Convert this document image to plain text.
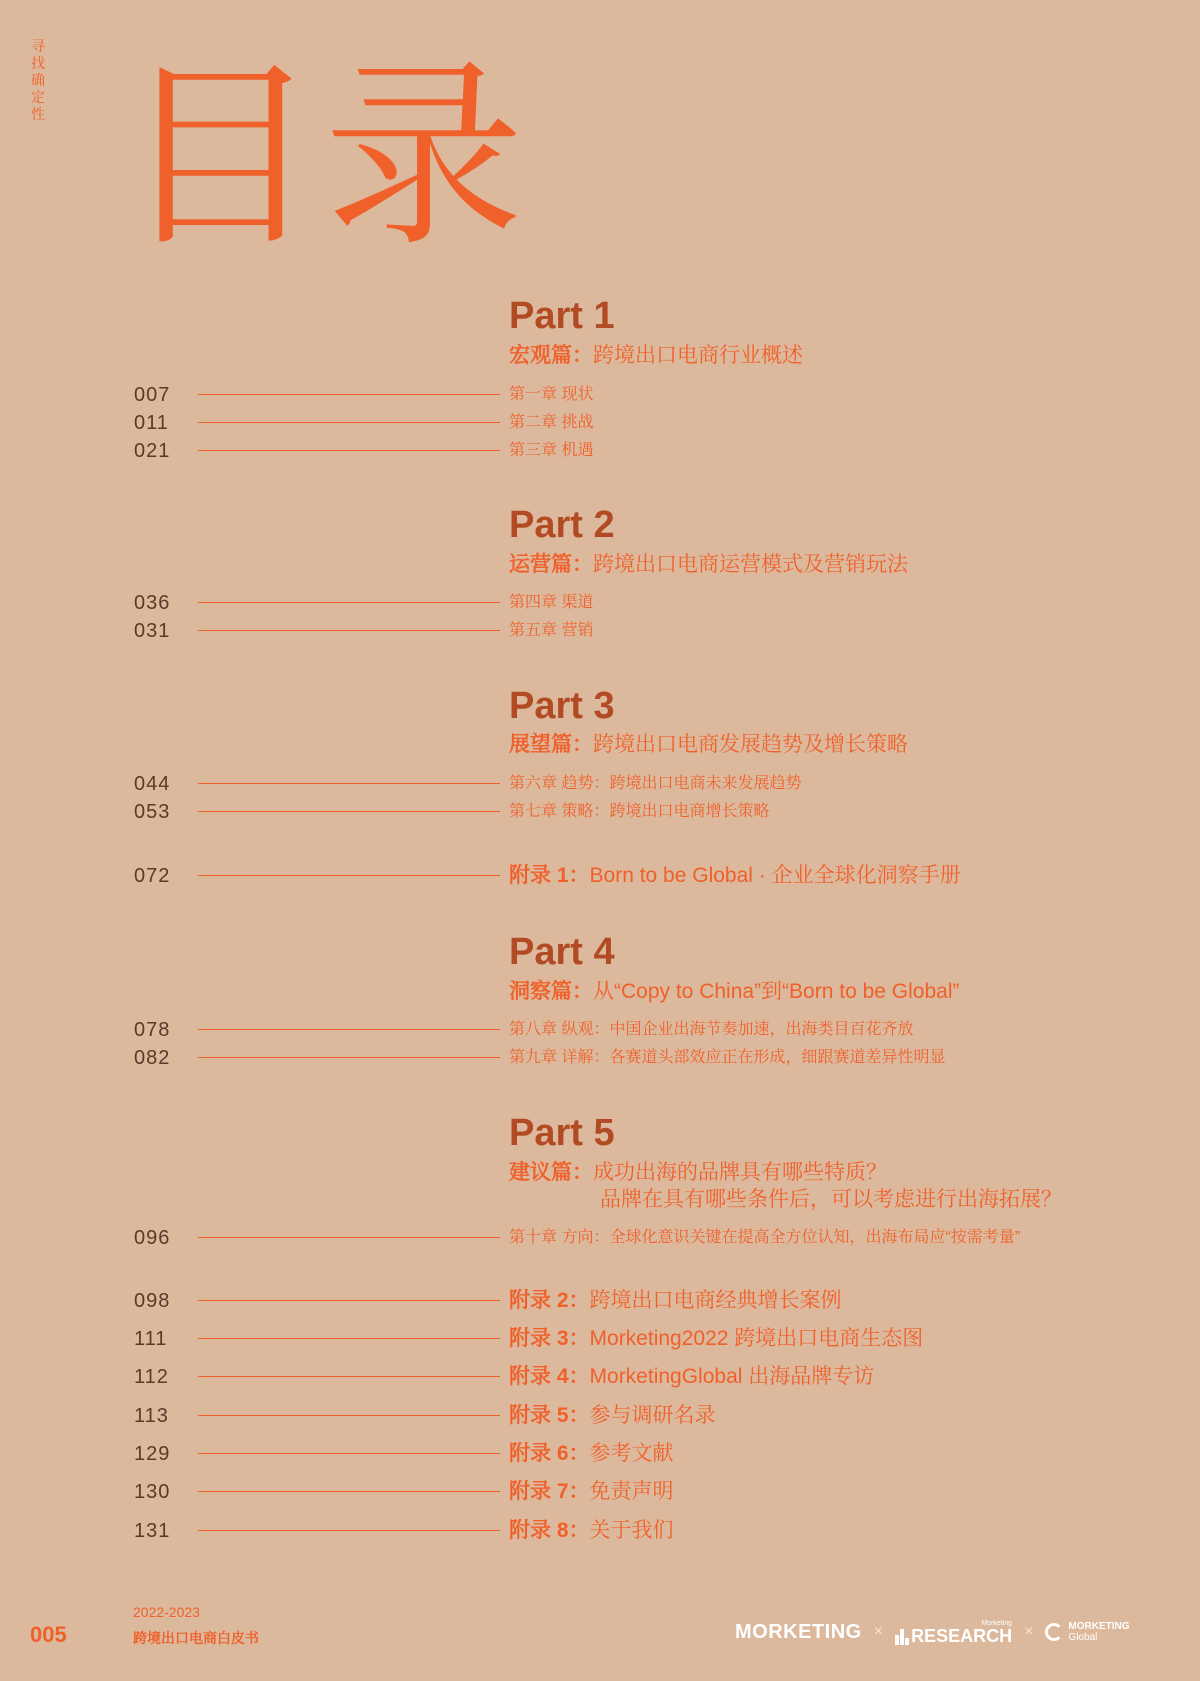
寻找确定性 目录
Part 1
宏观篇：跨境出口电商行业概述
007	第一章 现状
011	第二章 挑战
021	第三章 机遇
Part 2
运营篇：跨境出口电商运营模式及营销玩法
036	第四章 渠道
031	第五章 营销
Part 3
展望篇：跨境出口电商发展趋势及增长策略
044	第六章 趋势：跨境出口电商未来发展趋势
053	第七章 策略：跨境出口电商增长策略
072	附录 1：Born to be Global · 企业全球化洞察手册
Part 4
洞察篇：从“Copy to China”到“Born to be Global”
078	第八章 纵观：中国企业出海节奏加速，出海类目百花齐放
082	第九章 详解：各赛道头部效应正在形成，细跟赛道差异性明显
Part 5
建议篇：成功出海的品牌具有哪些特质？
品牌在具有哪些条件后，可以考虑进行出海拓展？
096	第十章 方向：全球化意识关键在提高全方位认知，出海布局应“按需考量”
098	附录 2：跨境出口电商经典增长案例
111	附录 3：Morketing2022 跨境出口电商生态图
112	附录 4：MorketingGlobal 出海品牌专访
113	附录 5：参与调研名录
129	附录 6：参考文献
130	附录 7：免责声明
131	附录 8：关于我们
005
2022-2023
跨境出口电商白皮书	MORKETING ×	Morketing
RESEARCH ×	MORKETING
Global
